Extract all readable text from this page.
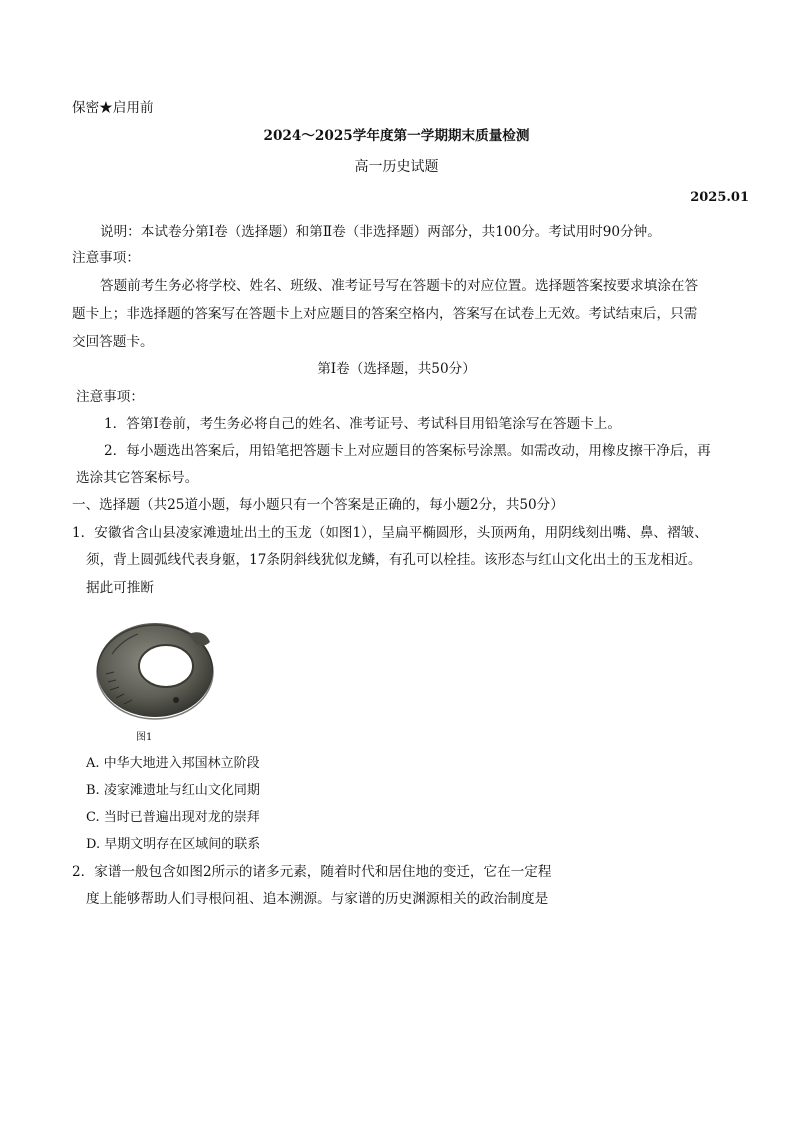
保密★启用前
2024～2025学年度第一学期期末质量检测
高一历史试题
2025.01
说明：本试卷分第Ⅰ卷（选择题）和第Ⅱ卷（非选择题）两部分，共100分。考试用时90分钟。
注意事项：
答题前考生务必将学校、姓名、班级、准考证号写在答题卡的对应位置。选择题答案按要求填涂在答
题卡上；非选择题的答案写在答题卡上对应题目的答案空格内，答案写在试卷上无效。考试结束后，只需
交回答题卡。
第Ⅰ卷（选择题，共50分）
注意事项：
1．答第Ⅰ卷前，考生务必将自己的姓名、准考证号、考试科目用铅笔涂写在答题卡上。
2．每小题选出答案后，用铅笔把答题卡上对应题目的答案标号涂黑。如需改动，用橡皮擦干净后，再
选涂其它答案标号。
一、选择题（共25道小题，每小题只有一个答案是正确的，每小题2分，共50分）
1．安徽省含山县凌家滩遗址出土的玉龙（如图1），呈扁平椭圆形，头顶两角，用阴线刻出嘴、鼻、褶皱、
须，背上圆弧线代表身躯，17条阴斜线犹似龙鳞，有孔可以栓挂。该形态与红山文化出土的玉龙相近。
据此可推断
图1
A. 中华大地进入邦国林立阶段
B. 凌家滩遗址与红山文化同期
C. 当时已普遍出现对龙的崇拜
D. 早期文明存在区域间的联系
2．家谱一般包含如图2所示的诸多元素，随着时代和居住地的变迁，它在一定程
度上能够帮助人们寻根问祖、追本溯源。与家谱的历史渊源相关的政治制度是
